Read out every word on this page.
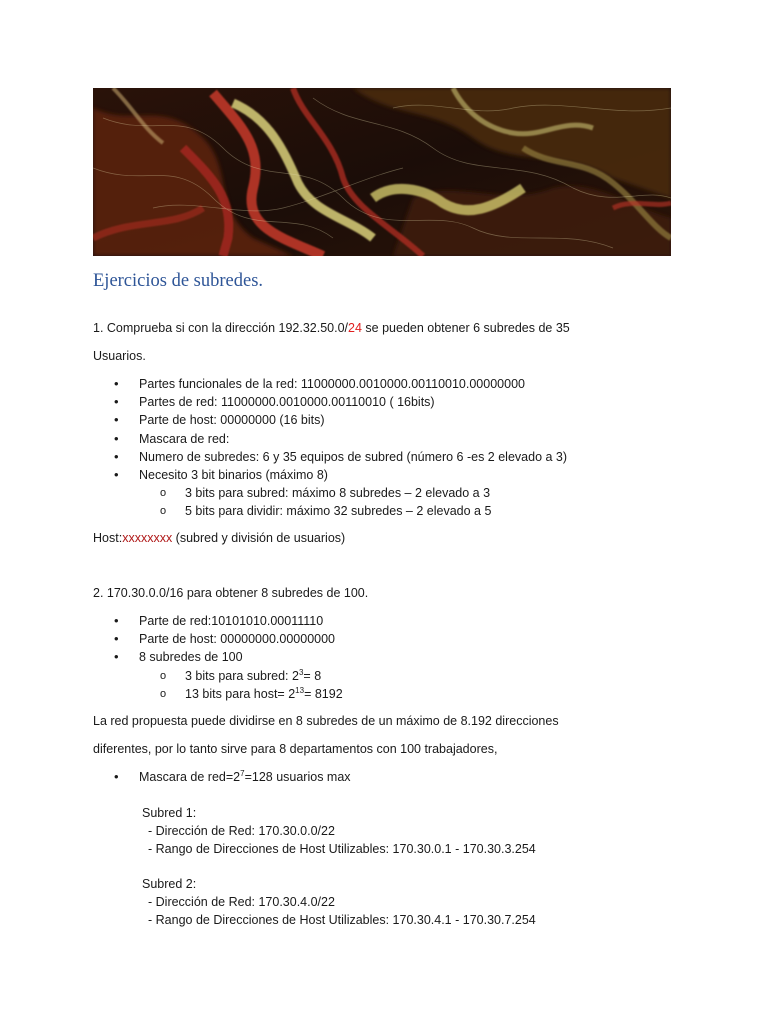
Ejercicios de subredes.
1. Comprueba si con la dirección 192.32.50.0/24 se pueden obtener 6 subredes de 35
Usuarios.
• Partes funcionales de la red: 11000000.0010000.00110010.00000000
• Partes de red: 11000000.0010000.00110010 ( 16bits)
• Parte de host: 00000000 (16 bits)
• Mascara de red:
• Numero de subredes: 6 y 35 equipos de subred (número 6 -es 2 elevado a 3)
• Necesito 3 bit binarios (máximo 8)
o 3 bits para subred: máximo 8 subredes – 2 elevado a 3
o 5 bits para dividir: máximo 32 subredes – 2 elevado a 5
Host:xxxxxxxx (subred y división de usuarios)
2. 170.30.0.0/16 para obtener 8 subredes de 100.
• Parte de red:10101010.00011110
• Parte de host: 00000000.00000000
• 8 subredes de 100
o 3 bits para subred: $2^3= 8$
o 13 bits para host= $2^{13}= 8192$
La red propuesta puede dividirse en 8 subredes de un máximo de 8.192 direcciones
diferentes, por lo tanto sirve para 8 departamentos con 100 trabajadores,
• Mascara de $red=2^7=128$ usuarios max
Subred 1:
- Dirección de Red: 170.30.0.0/22
- Rango de Direcciones de Host Utilizables: 170.30.0.1 - 170.30.3.254
Subred 2:
- Dirección de Red: 170.30.4.0/22
- Rango de Direcciones de Host Utilizables: 170.30.4.1 - 170.30.7.254
